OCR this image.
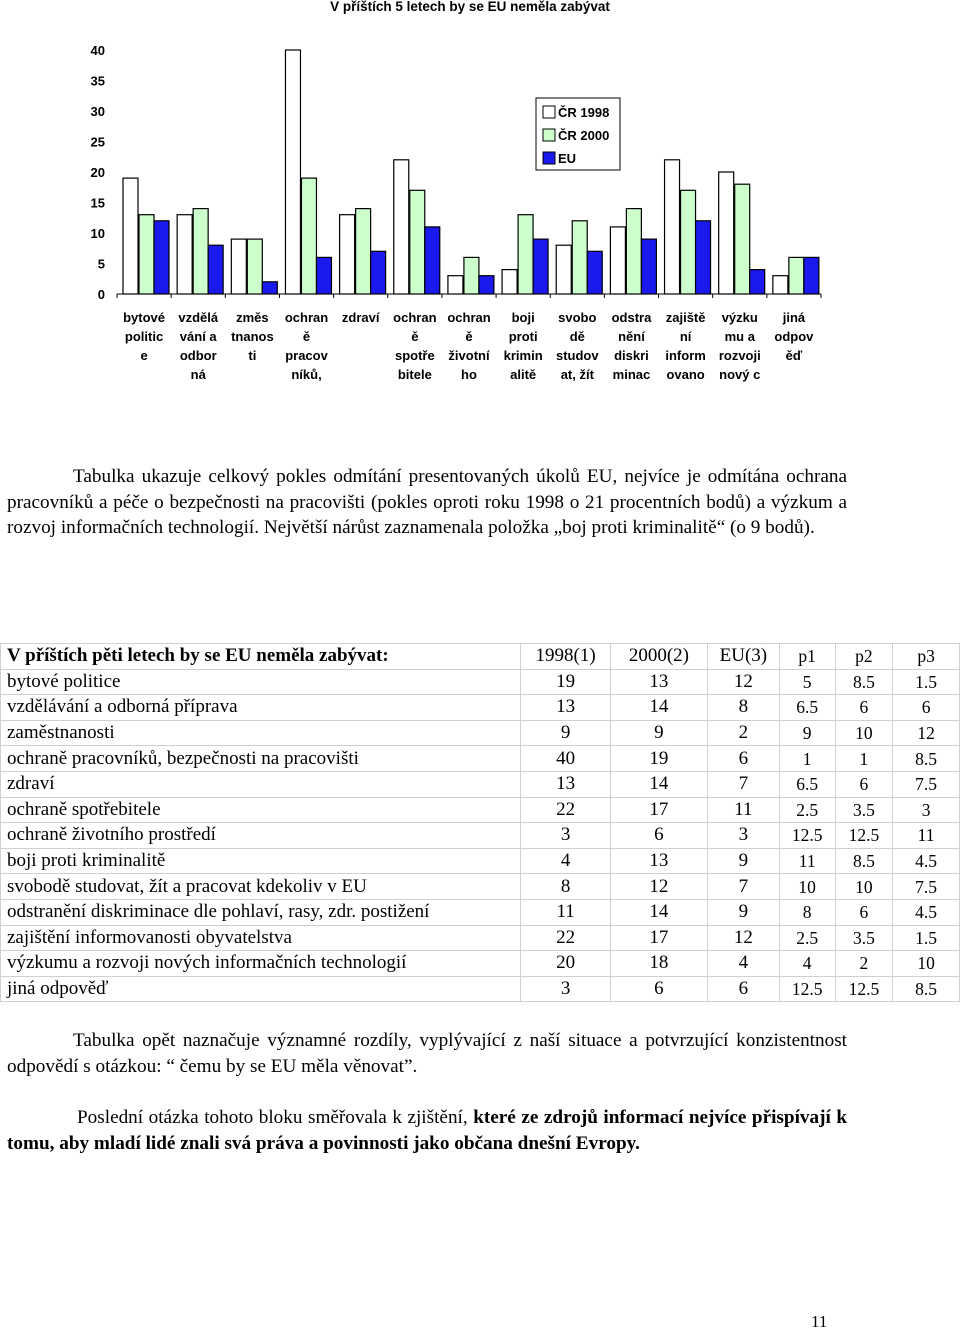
V příštích 5 letech by se EU neměla zabývat
0
5
10
15
20
25
30
35
40
bytové
politic
e
vzdělá
vání a
odbor
ná
změs
tnanos
ti
ochran
ě
pracov
níků,
zdraví ochran
ě
spotře
bitele
ochran
ě
životní
ho
boji
proti
krimin
alitě
svobo
dě
studov
at, žít
odstra
nění
diskri
minac
zajiště
ní
inform
ovano
výzku
mu a
rozvoji
nový c
jiná
odpov
ěď
ČR 1998
ČR 2000
EU

Tabulka ukazuje celkový pokles odmítání presentovaných úkolů EU, nejvíce je odmítána ochrana pracovníků a péče o bezpečnosti na pracovišti (pokles oproti roku 1998 o 21 procentních bodů) a výzkum a rozvoj informačních technologií. Největší nárůst zaznamenala položka „boj proti kriminalitě“ (o 9 bodů).

V příštích pěti letech by se EU neměla zabývat:	1998(1)	2000(2)	EU(3)	p1	p2	p3
bytové politice	19	13	12	5	8.5	1.5
vzdělávání a odborná příprava	13	14	8	6.5	6	6
zaměstnanosti	9	9	2	9	10	12
ochraně pracovníků, bezpečnosti na pracovišti	40	19	6	1	1	8.5
zdraví	13	14	7	6.5	6	7.5
ochraně spotřebitele	22	17	11	2.5	3.5	3
ochraně životního prostředí	3	6	3	12.5	12.5	11
boji proti kriminalitě	4	13	9	11	8.5	4.5
svobodě studovat, žít a pracovat kdekoliv v EU	8	12	7	10	10	7.5
odstranění diskriminace dle pohlaví, rasy, zdr. postižení	11	14	9	8	6	4.5
zajištění informovanosti obyvatelstva	22	17	12	2.5	3.5	1.5
výzkumu a rozvoji nových informačních technologií	20	18	4	4	2	10
jiná odpověď	3	6	6	12.5	12.5	8.5

Tabulka opět naznačuje významné rozdíly, vyplývající z naší situace a potvrzující konzistentnost odpovědí s otázkou: “ čemu by se EU měla věnovat”.

Poslední otázka tohoto bloku směřovala k zjištění, které ze zdrojů informací nejvíce přispívají k tomu, aby mladí lidé znali svá práva a povinnosti jako občana dnešní Evropy.

11
